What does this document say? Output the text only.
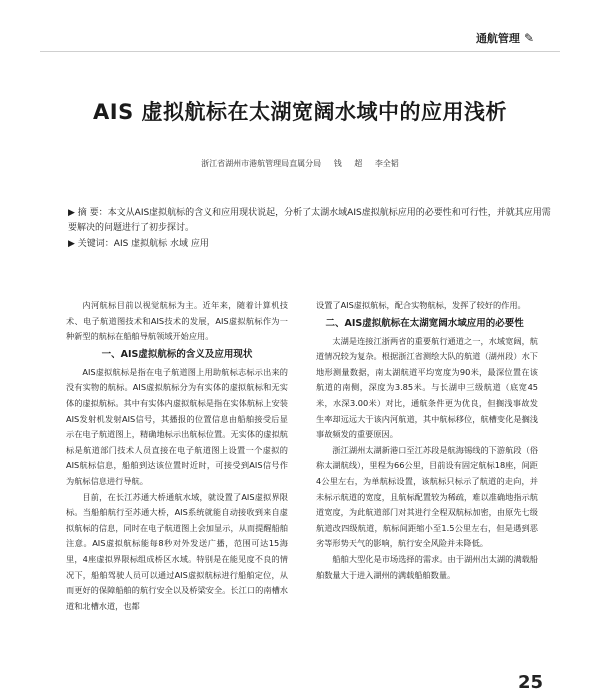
通航管理 ✎
AIS 虚拟航标在太湖宽阔水域中的应用浅析
浙江省湖州市港航管理局直属分局 钱 超 李全韬
▶ 摘 要：本文从AIS虚拟航标的含义和应用现状说起，分析了太湖水域AIS虚拟航标应用的必要性和可行性，并就其应用需要解决的问题进行了初步探讨。
▶ 关键词：AIS 虚拟航标 水域 应用

内河航标目前以视觉航标为主。近年来，随着计算机技术、电子航道图技术和AIS技术的发展，AIS虚拟航标作为一种新型的航标在船舶导航领域开始应用。

一、AIS虚拟航标的含义及应用现状

AIS虚拟航标是指在电子航道图上用助航标志标示出来的没有实物的航标。AIS虚拟航标分为有实体的虚拟航标和无实体的虚拟航标。其中有实体内虚拟航标是指在实体航标上安装AIS发射机发射AIS信号，其播报的位置信息由船舶接受后显示在电子航道图上，精确地标示出航标位置。无实体的虚拟航标是航道部门技术人员直接在电子航道图上设置一个虚拟的AIS航标信息，船舶到达该位置时近时，可接受到AIS信号作为航标信息进行导航。

目前，在长江苏通大桥通航水域，就设置了AIS虚拟界限标。当船舶航行至苏通大桥，AIS系统就能自动接收到来自虚拟航标的信息，同时在电子航道图上会加显示，从而提醒船舶注意。AIS虚拟航标能每8秒对外发送广播，范围可达15海里，4座虚拟界限标组成桥区水域。特别是在能见度不良的情况下，船舶驾驶人员可以通过AIS虚拟航标进行船舶定位，从而更好的保障船舶的航行安全以及桥梁安全。长江口的南槽水道和北槽水道，也都

设置了AIS虚拟航标，配合实物航标，发挥了较好的作用。

二、AIS虚拟航标在太湖宽阔水域应用的必要性

太湖是连接江浙两省的重要航行通道之一，水域宽阔，航道情况较为复杂。根据浙江省测绘大队的航道（湖州段）水下地形测量数据，南太湖航道平均宽度为90米，最深位置在该航道的南侧，深度为3.85米。与长湖申三级航道（底宽45米，水深3.00米）对比，通航条件更为优良，但搁浅事故发生率却远远大于该内河航道，其中航标移位，航槽变化是搁浅事故频发的重要原因。

浙江湖州太湖新港口至江苏段是航海锡线的下游航段（俗称太湖航线），里程为66公里，目前设有固定航标18座，间距4公里左右，为单航标设置，该航标只标示了航道的走向，并未标示航道的宽度，且航标配置较为稀疏，难以准确地指示航道宽度，为此航道部门对其进行全程双航标加密，由原先七级航道改四级航道，航标间距缩小至1.5公里左右，但是遇到恶劣等形势天气的影响，航行安全风险并未降低。

船舶大型化是市场选择的需求。由于湖州出太湖的满载船舶数量大于进入湖州的满载船舶数量。

25
